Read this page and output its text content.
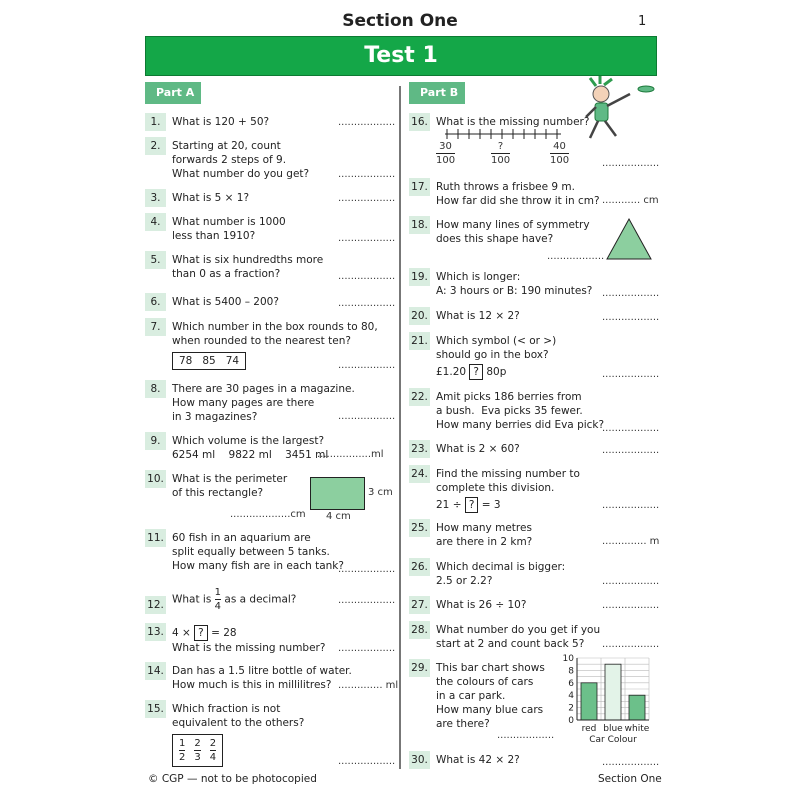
Section One	1
Test 1
Part A	Part B
1.	What is 120 + 50?	..................
2.	Starting at 20, count
forwards 2 steps of 9.
What number do you get?	..................
3.	What is 5 × 1?	..................
4.	What number is 1000
less than 1910?	..................
5.	What is six hundredths more
than 0 as a fraction?	..................
6.	What is 5400 – 200?	..................
7.	Which number in the box rounds to 80,
when rounded to the nearest ten?
78   85   74	..................
8.	There are 30 pages in a magazine.
How many pages are there
in 3 magazines?	..................
9.	Which volume is the largest?
6254 ml    9822 ml    3451 ml
.................ml
10. What is the perimeter
of this rectangle?	3 cm
4 cm
...................cm
11. 60 fish in an aquarium are
split equally between 5 tanks.
How many fish are in each tank?
..................
12. What is $\frac{1}{4}$ as a decimal?	..................
13. 4 × ? = 28
What is the missing number? ..................
14. Dan has a 1.5 litre bottle of water.
How much is this in millilitres? .............. ml
15. Which fraction is not
equivalent to the others?
$\frac{1}{2} \frac{2}{3} \frac{2}{4}$	..................
16. What is the missing number?
$\frac{30}{100}$	$\frac{?}{100}$	$\frac{40}{100}$	..................
17. Ruth throws a frisbee 9 m.
How far did she throw it in cm? ............ cm
18. How many lines of symmetry
does this shape have?
..................
19. Which is longer:
A: 3 hours or B: 190 minutes? ..................
20. What is 12 × 2?	..................
21. Which symbol (< or >)
should go in the box?
£1.20 ? 80p	..................
22. Amit picks 186 berries from
a bush.  Eva picks 35 fewer.
How many berries did Eva pick?
..................
23. What is 2 × 60?	..................
24. Find the missing number to
complete this division.
21 ÷ ? = 3	..................
25. How many metres
are there in 2 km?	.............. m
26. Which decimal is bigger:
2.5 or 2.2?	..................
27. What is 26 ÷ 10?	..................
28. What number do you get if you
start at 2 and count back 5?	..................
29. This bar chart shows
the colours of cars
in a car park.
How many blue cars
are there?
..................
0
2
4
6
8
10
red blue white
Car Colour
30. What is 42 × 2?	..................
© CGP — not to be photocopied	Section One
